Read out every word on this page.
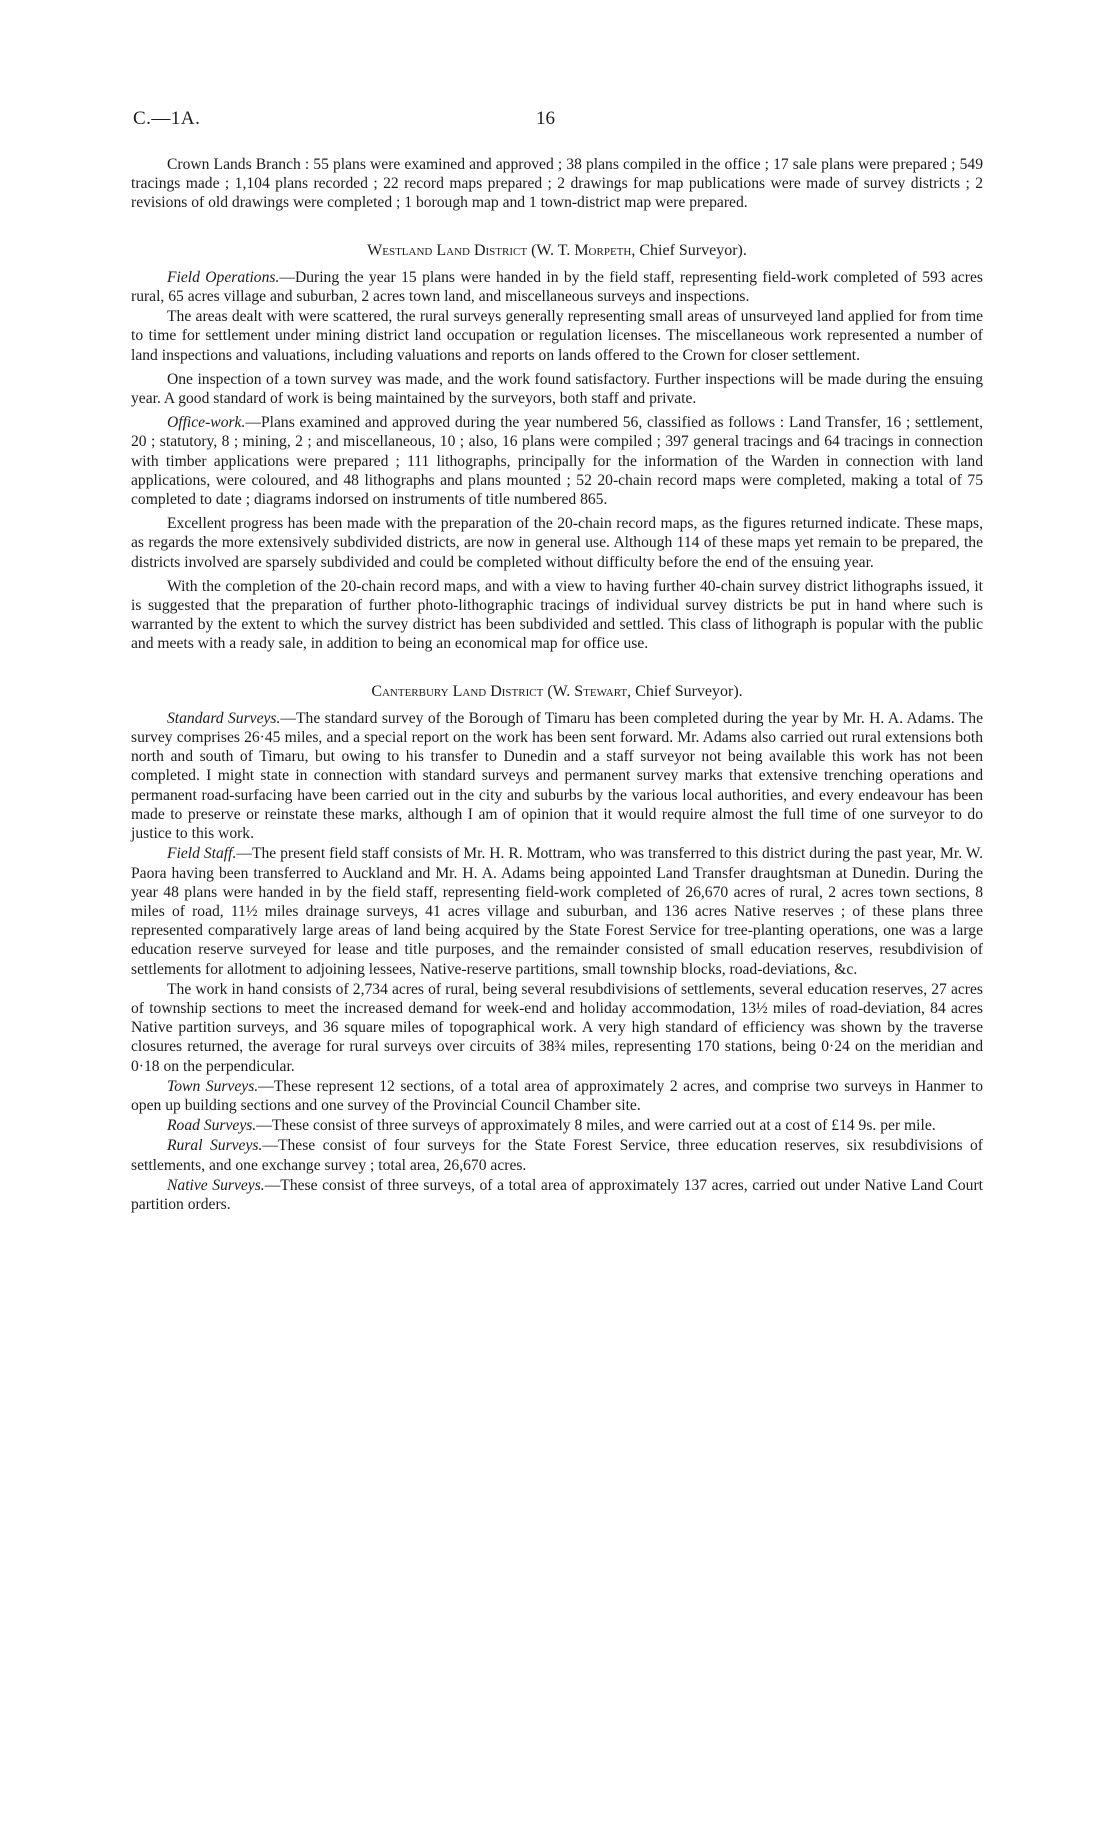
C.—1A.	16

Crown Lands Branch : 55 plans were examined and approved ; 38 plans compiled in the office ; 17 sale plans were prepared ; 549 tracings made ; 1,104 plans recorded ; 22 record maps prepared ; 2 drawings for map publications were made of survey districts ; 2 revisions of old drawings were completed ; 1 borough map and 1 town-district map were prepared.

Westland Land District (W. T. Morpeth, Chief Surveyor).

Field Operations.—During the year 15 plans were handed in by the field staff, representing field-work completed of 593 acres rural, 65 acres village and suburban, 2 acres town land, and miscellaneous surveys and inspections.

The areas dealt with were scattered, the rural surveys generally representing small areas of unsurveyed land applied for from time to time for settlement under mining district land occupation or regulation licenses. The miscellaneous work represented a number of land inspections and valuations, including valuations and reports on lands offered to the Crown for closer settlement.

One inspection of a town survey was made, and the work found satisfactory. Further inspections will be made during the ensuing year. A good standard of work is being maintained by the surveyors, both staff and private.

Office-work.—Plans examined and approved during the year numbered 56, classified as follows : Land Transfer, 16 ; settlement, 20 ; statutory, 8 ; mining, 2 ; and miscellaneous, 10 ; also, 16 plans were compiled ; 397 general tracings and 64 tracings in connection with timber applications were prepared ; 111 lithographs, principally for the information of the Warden in connection with land applications, were coloured, and 48 lithographs and plans mounted ; 52 20-chain record maps were completed, making a total of 75 completed to date ; diagrams indorsed on instruments of title numbered 865.

Excellent progress has been made with the preparation of the 20-chain record maps, as the figures returned indicate. These maps, as regards the more extensively subdivided districts, are now in general use. Although 114 of these maps yet remain to be prepared, the districts involved are sparsely subdivided and could be completed without difficulty before the end of the ensuing year.

With the completion of the 20-chain record maps, and with a view to having further 40-chain survey district lithographs issued, it is suggested that the preparation of further photo-lithographic tracings of individual survey districts be put in hand where such is warranted by the extent to which the survey district has been subdivided and settled. This class of lithograph is popular with the public and meets with a ready sale, in addition to being an economical map for office use.

Canterbury Land District (W. Stewart, Chief Surveyor).

Standard Surveys.—The standard survey of the Borough of Timaru has been completed during the year by Mr. H. A. Adams. The survey comprises 26·45 miles, and a special report on the work has been sent forward. Mr. Adams also carried out rural extensions both north and south of Timaru, but owing to his transfer to Dunedin and a staff surveyor not being available this work has not been completed. I might state in connection with standard surveys and permanent survey marks that extensive trenching operations and permanent road-surfacing have been carried out in the city and suburbs by the various local authorities, and every endeavour has been made to preserve or reinstate these marks, although I am of opinion that it would require almost the full time of one surveyor to do justice to this work.

Field Staff.—The present field staff consists of Mr. H. R. Mottram, who was transferred to this district during the past year, Mr. W. Paora having been transferred to Auckland and Mr. H. A. Adams being appointed Land Transfer draughtsman at Dunedin. During the year 48 plans were handed in by the field staff, representing field-work completed of 26,670 acres of rural, 2 acres town sections, 8 miles of road, 11½ miles drainage surveys, 41 acres village and suburban, and 136 acres Native reserves ; of these plans three represented comparatively large areas of land being acquired by the State Forest Service for tree-planting operations, one was a large education reserve surveyed for lease and title purposes, and the remainder consisted of small education reserves, resubdivision of settlements for allotment to adjoining lessees, Native-reserve partitions, small township blocks, road-deviations, &c.

The work in hand consists of 2,734 acres of rural, being several resubdivisions of settlements, several education reserves, 27 acres of township sections to meet the increased demand for week-end and holiday accommodation, 13½ miles of road-deviation, 84 acres Native partition surveys, and 36 square miles of topographical work. A very high standard of efficiency was shown by the traverse closures returned, the average for rural surveys over circuits of 38¾ miles, representing 170 stations, being 0·24 on the meridian and 0·18 on the perpendicular.

Town Surveys.—These represent 12 sections, of a total area of approximately 2 acres, and comprise two surveys in Hanmer to open up building sections and one survey of the Provincial Council Chamber site.

Road Surveys.—These consist of three surveys of approximately 8 miles, and were carried out at a cost of £14 9s. per mile.

Rural Surveys.—These consist of four surveys for the State Forest Service, three education reserves, six resubdivisions of settlements, and one exchange survey ; total area, 26,670 acres.

Native Surveys.—These consist of three surveys, of a total area of approximately 137 acres, carried out under Native Land Court partition orders.
